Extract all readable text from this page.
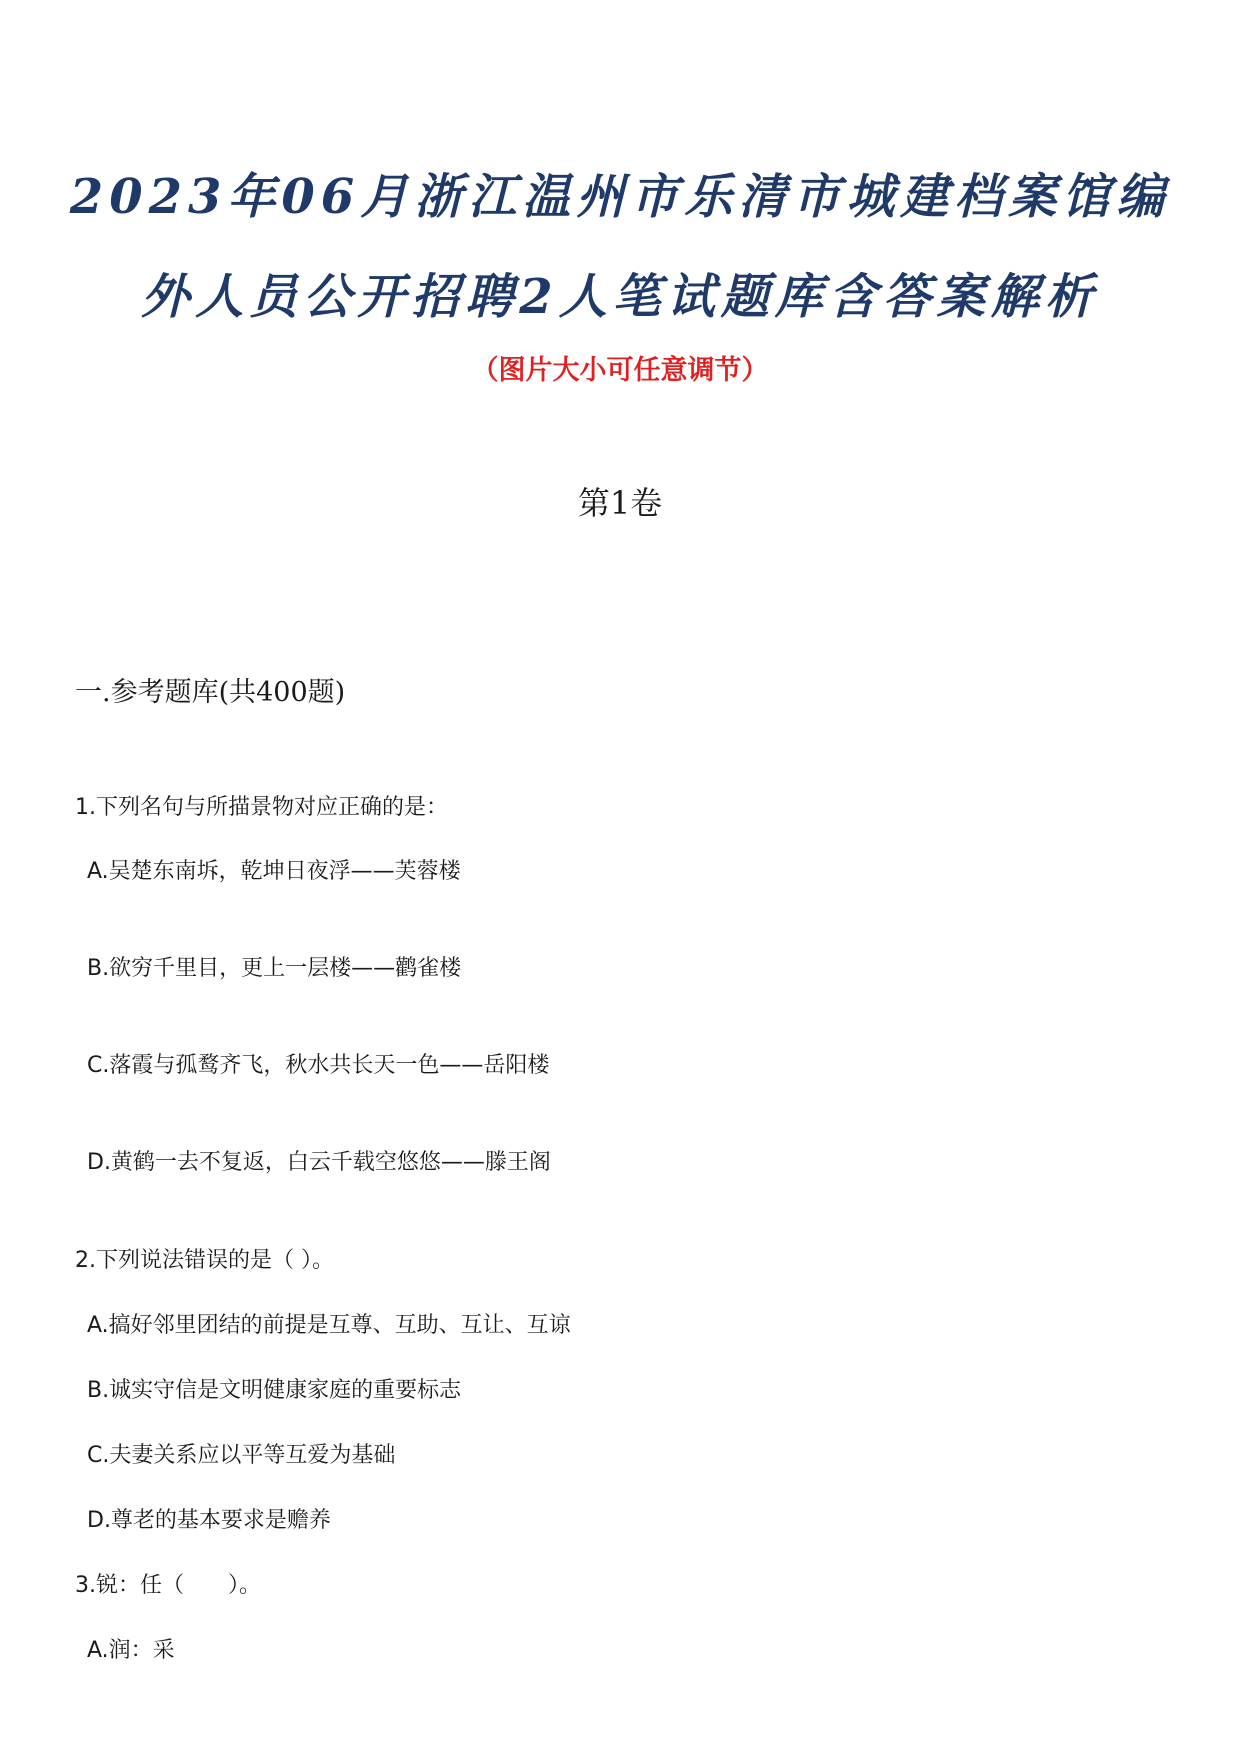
2023年06月浙江温州市乐清市城建档案馆编
外人员公开招聘2人笔试题库含答案解析
（图片大小可任意调节）
第1卷
一.参考题库(共400题)
1.下列名句与所描景物对应正确的是：
A.吴楚东南坼，乾坤日夜浮——芙蓉楼
B.欲穷千里目，更上一层楼——鹳雀楼
C.落霞与孤鹜齐飞，秋水共长天一色——岳阳楼
D.黄鹤一去不复返，白云千载空悠悠——滕王阁
2.下列说法错误的是（ ）。
A.搞好邻里团结的前提是互尊、互助、互让、互谅
B.诚实守信是文明健康家庭的重要标志
C.夫妻关系应以平等互爱为基础
D.尊老的基本要求是赡养
3.锐：任（　　）。
A.润：采
